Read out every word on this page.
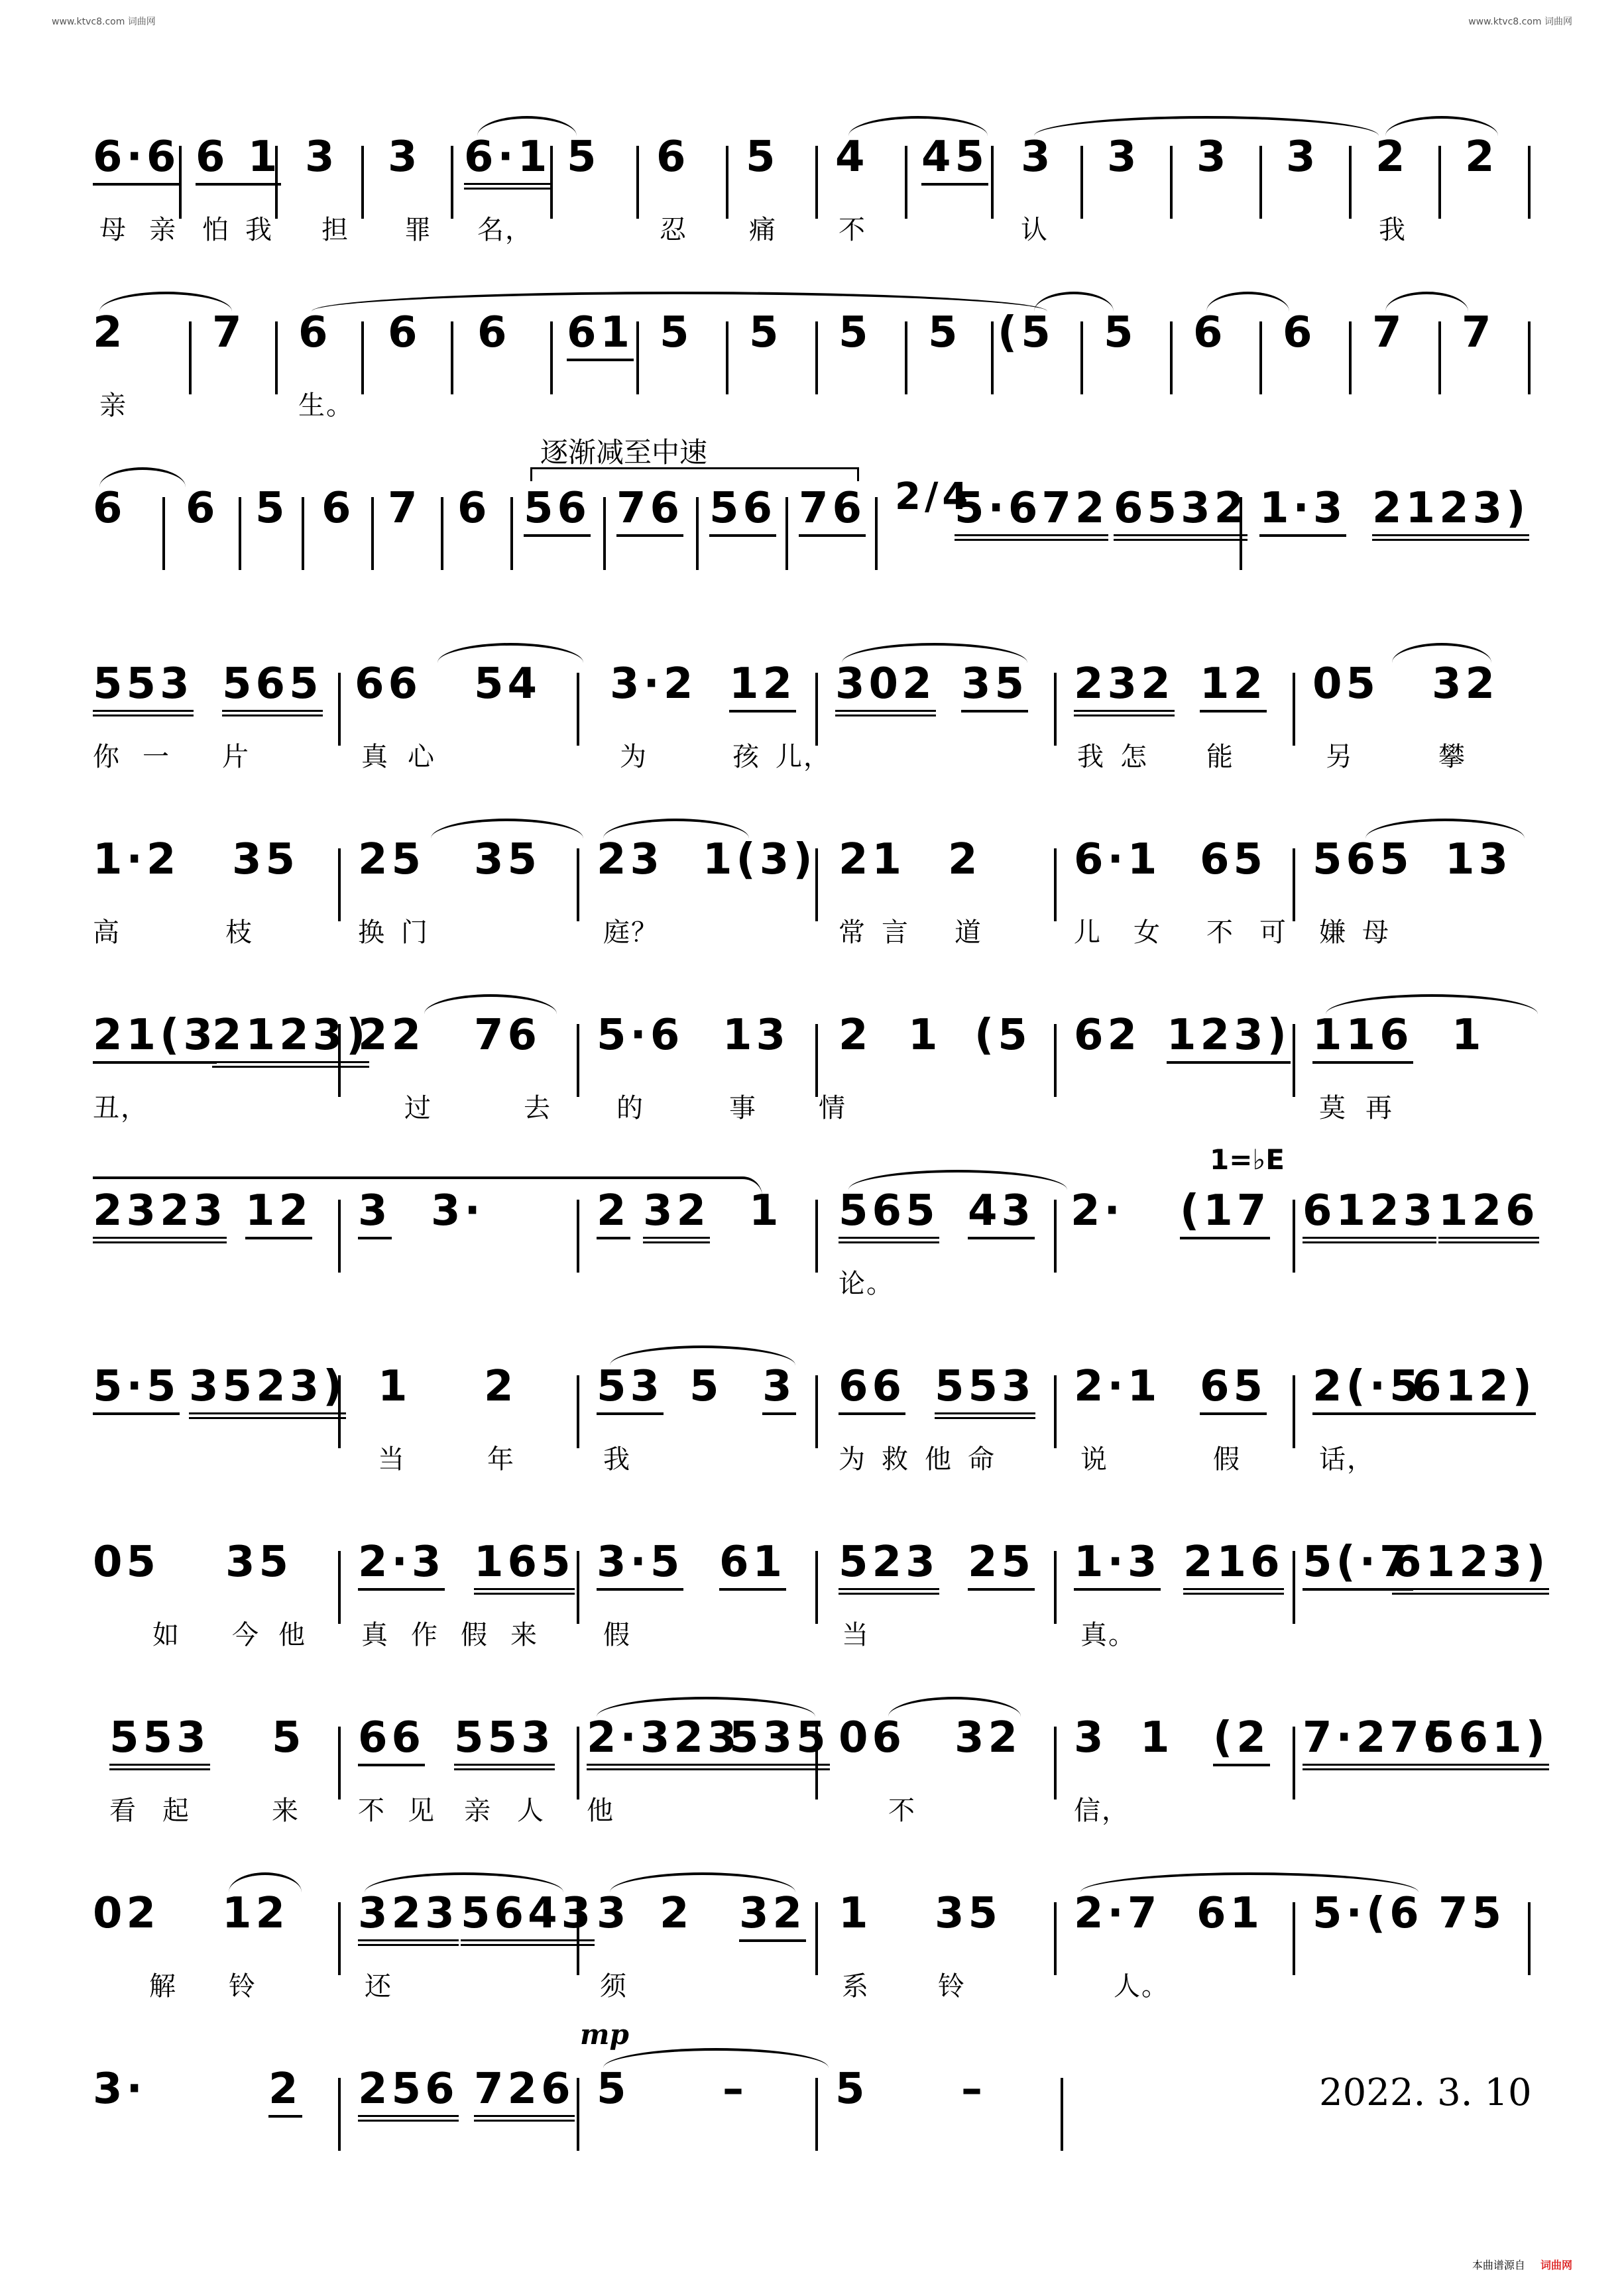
www.ktvc8.com 词曲网	www.ktvc8.com 词曲网
6·6 6 1 3 3 6·1 5 6 5 4 45 3 3 3 3 2 2
母 亲 怕 我 担 罪 名，	忍 痛 不	认	我
2 7 6 6 6 61 5 5 5 5 (5 5 6 6 7 7
亲	生。
逐渐减至中速
6 6 5 6 7 6 56 76 56 76 2/4
5·672 6532 1·3 2123)
553 565 66 54 3·2 12 302 35 232 12 05 32
你 一 片	真 心	为	孩 儿，	我 怎 能	另	攀
1·2 35 25 35 23 1(3) 21 2 6·1 65 565 13
高	枝	换 门	庭？	常 言 道	儿 女 不 可 嫌 母
21(3
2123)
22 76 5·6 13 2 1 (5 62 123) 116 1
丑，	过	去 的	事 情	莫 再
1=♭E
2323 12 3 3·	2 32 1 565 43 2· (17 6123 126
论。
5·5 3523) 1 2 53 5 3 66 553 2·1 65 2(·5
612)
当	年	我	为 救 他 命	说	假	话，
05 35 2·3 165 3·5 61 523 25 1·3 216 5(·7
6123)
如 今 他 真 作 假 来 假	当	真。
553 5 66 553 2·323
535 06 32 3 1 (2 7·276
561)
看 起	来 不 见 亲 人 他	不	信，
02 12 323 5643 3 2 32 1 35 2·7 61 5·(6 75
解 铃	还	须	系	铃	人。
mp
3·	2 256 726 5 – 5 –	2022. 3. 10
本曲谱源自 词曲网
